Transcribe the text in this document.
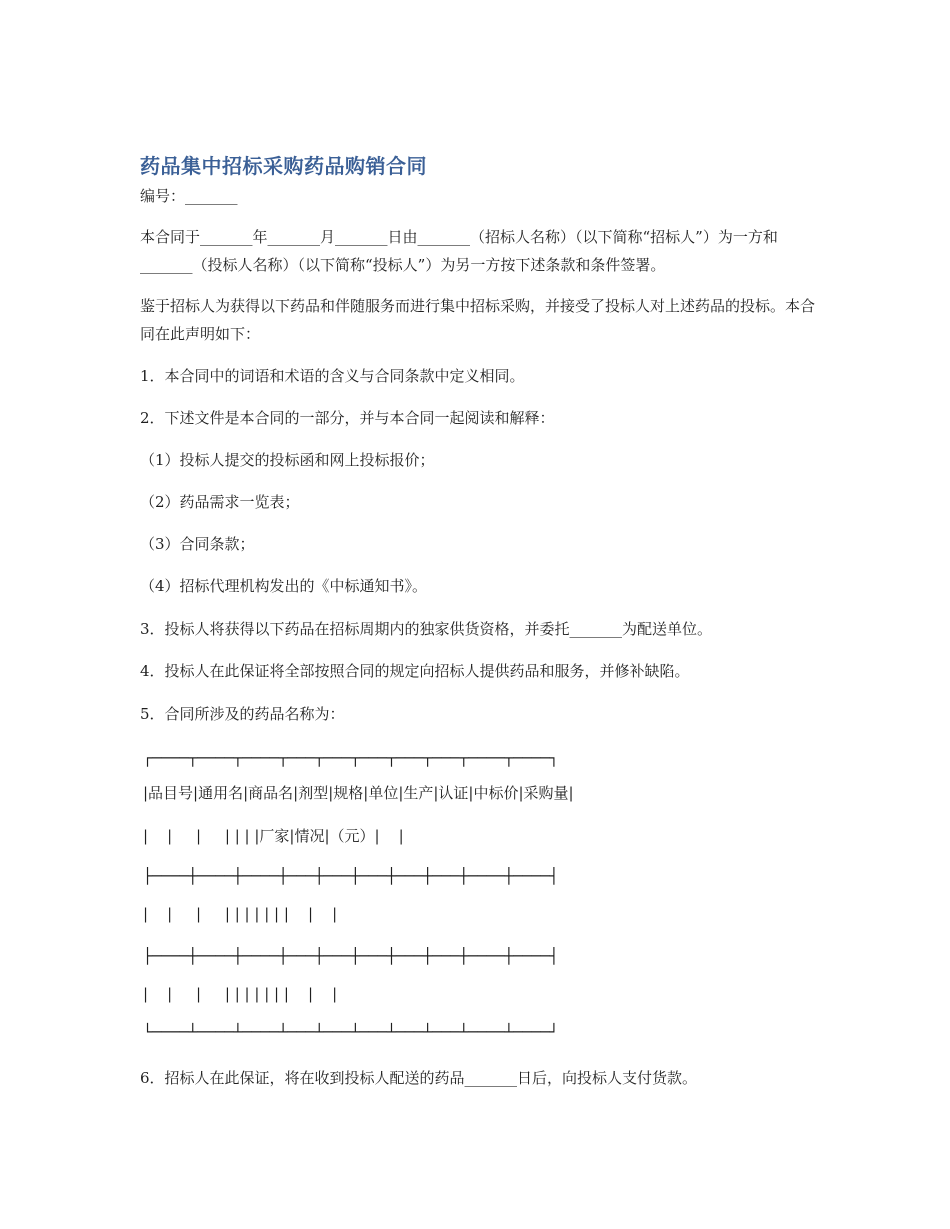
药品集中招标采购药品购销合同
编号：_______
本合同于_______年_______月_______日由_______（招标人名称）（以下简称“招标人”）为一方和_______（投标人名称）（以下简称“投标人”）为另一方按下述条款和条件签署。
鉴于招标人为获得以下药品和伴随服务而进行集中招标采购，并接受了投标人对上述药品的投标。本合同在此声明如下：
1．本合同中的词语和术语的含义与合同条款中定义相同。
2．下述文件是本合同的一部分，并与本合同一起阅读和解释：
（1）投标人提交的投标函和网上投标报价；
（2）药品需求一览表；
（3）合同条款；
（4）招标代理机构发出的《中标通知书》。
3．投标人将获得以下药品在招标周期内的独家供货资格，并委托_______为配送单位。
4．投标人在此保证将全部按照合同的规定向招标人提供药品和服务，并修补缺陷。
5．合同所涉及的药品名称为：
┌────┬────┬────┬───┬───┬───┬───┬───┬────┬────┐
|品目号|通用名|商品名|剂型|规格|单位|生产|认证|中标价|采购量|
|    |     |     | | | |厂家|情况|（元）|    |
├────┼────┼────┼───┼───┼───┼───┼───┼────┼────┤
|    |     |     | | | | | | |    |    |
├────┼────┼────┼───┼───┼───┼───┼───┼────┼────┤
|    |     |     | | | | | | |    |    |
└────┴────┴────┴───┴───┴───┴───┴───┴────┴────┘
6．招标人在此保证，将在收到投标人配送的药品_______日后，向投标人支付货款。
